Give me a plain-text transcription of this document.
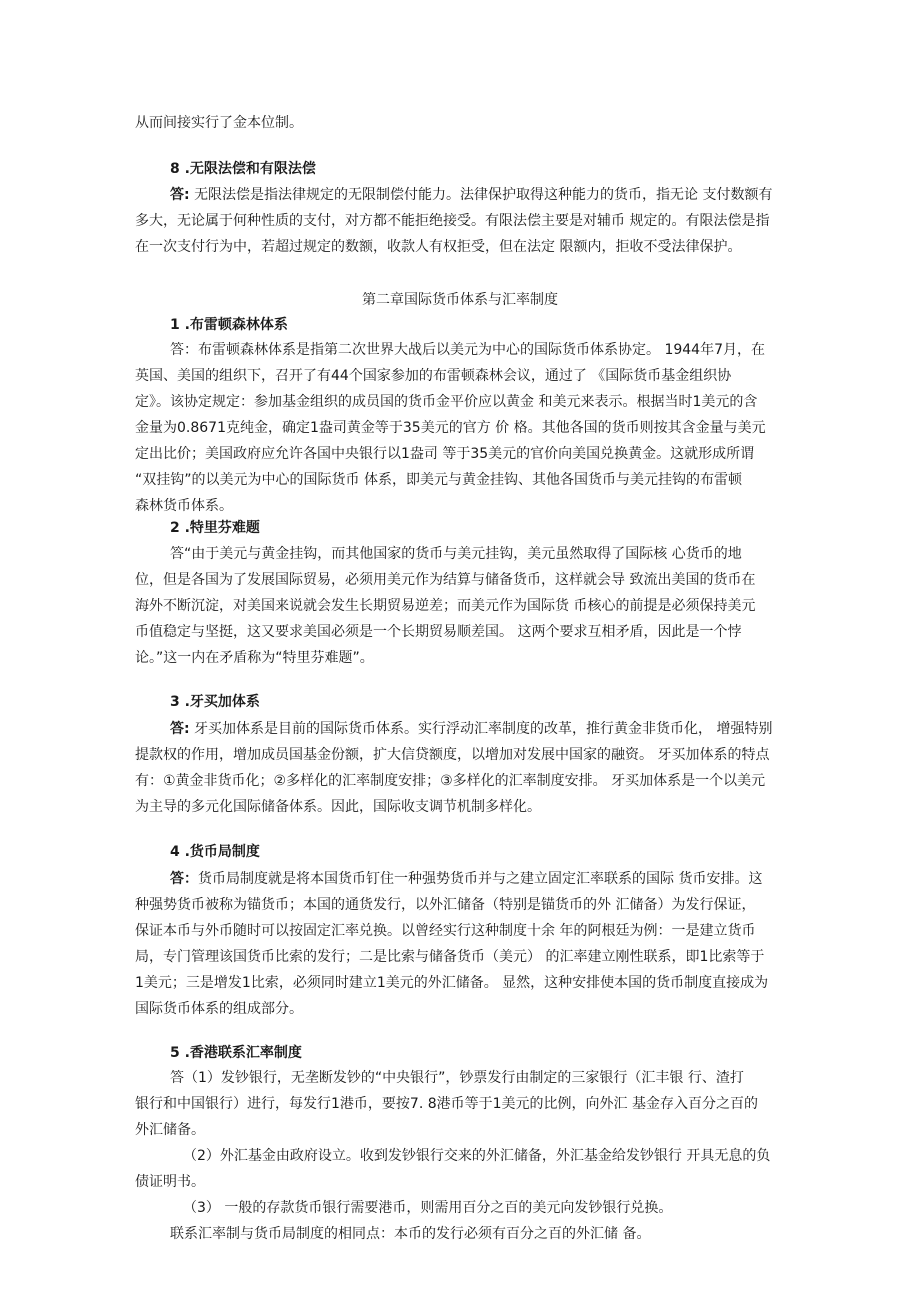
从而间接实行了金本位制。

8 .无限法偿和有限法偿

答: 无限法偿是指法律规定的无限制偿付能力。法律保护取得这种能力的货币，指无论 支付数额有
多大，无论属于何种性质的支付，对方都不能拒绝接受。有限法偿主要是对辅币 规定的。有限法偿是指
在一次支付行为中，若超过规定的数额，收款人有权拒受，但在法定 限额内，拒收不受法律保护。

第二章国际货币体系与汇率制度

1 .布雷顿森林体系

答：布雷顿森林体系是指第二次世界大战后以美元为中心的国际货币体系协定。 1944年7月，在
英国、美国的组织下，召开了有44个国家参加的布雷顿森林会议，通过了 《国际货币基金组织协
定》。该协定规定：参加基金组织的成员国的货币金平价应以黄金 和美元来表示。根据当时1美元的含
金量为0.8671克纯金，确定1盎司黄金等于35美元的官方 价 格。其他各国的货币则按其含金量与美元
定出比价；美国政府应允许各国中央银行以1盎司 等于35美元的官价向美国兑换黄金。这就形成所谓
“双挂钩”的以美元为中心的国际货币 体系，即美元与黄金挂钩、其他各国货币与美元挂钩的布雷顿
森林货币体系。

2 .特里芬难题

答“由于美元与黄金挂钩，而其他国家的货币与美元挂钩，美元虽然取得了国际核 心货币的地
位，但是各国为了发展国际贸易，必须用美元作为结算与储备货币，这样就会导 致流出美国的货币在
海外不断沉淀，对美国来说就会发生长期贸易逆差；而美元作为国际货 币核心的前提是必须保持美元
币值稳定与坚挺，这又要求美国必须是一个长期贸易顺差国。 这两个要求互相矛盾，因此是一个悖
论。”这一内在矛盾称为“特里芬难题”。

3 .牙买加体系

答: 牙买加体系是目前的国际货币体系。实行浮动汇率制度的改革，推行黄金非货币化， 增强特别
提款权的作用，增加成员国基金份额，扩大信贷额度，以增加对发展中国家的融资。 牙买加体系的特点
有：①黄金非货币化；②多样化的汇率制度安排；③多样化的汇率制度安排。 牙买加体系是一个以美元
为主导的多元化国际储备体系。因此，国际收支调节机制多样化。

4 .货币局制度

答：货币局制度就是将本国货币钉住一种强势货币并与之建立固定汇率联系的国际 货币安排。这
种强势货币被称为锚货币；本国的通货发行，以外汇储备（特别是锚货币的外 汇储备）为发行保证，
保证本币与外币随时可以按固定汇率兑换。以曾经实行这种制度十余 年的阿根廷为例：一是建立货币
局，专门管理该国货币比索的发行；二是比索与储备货币（美元） 的汇率建立刚性联系，即1比索等于
1美元；三是增发1比索，必须同时建立1美元的外汇储备。 显然，这种安排使本国的货币制度直接成为
国际货币体系的组成部分。

5 .香港联系汇率制度

答（1）发钞银行，无垄断发钞的“中央银行”，钞票发行由制定的三家银行（汇丰银 行、渣打
银行和中国银行）进行，每发行1港币，要按7. 8港币等于1美元的比例，向外汇 基金存入百分之百的
外汇储备。
（2）外汇基金由政府设立。收到发钞银行交来的外汇储备，外汇基金给发钞银行 开具无息的负
债证明书。
（3） 一般的存款货币银行需要港币，则需用百分之百的美元向发钞银行兑换。
联系汇率制与货币局制度的相同点：本币的发行必须有百分之百的外汇储 备。
